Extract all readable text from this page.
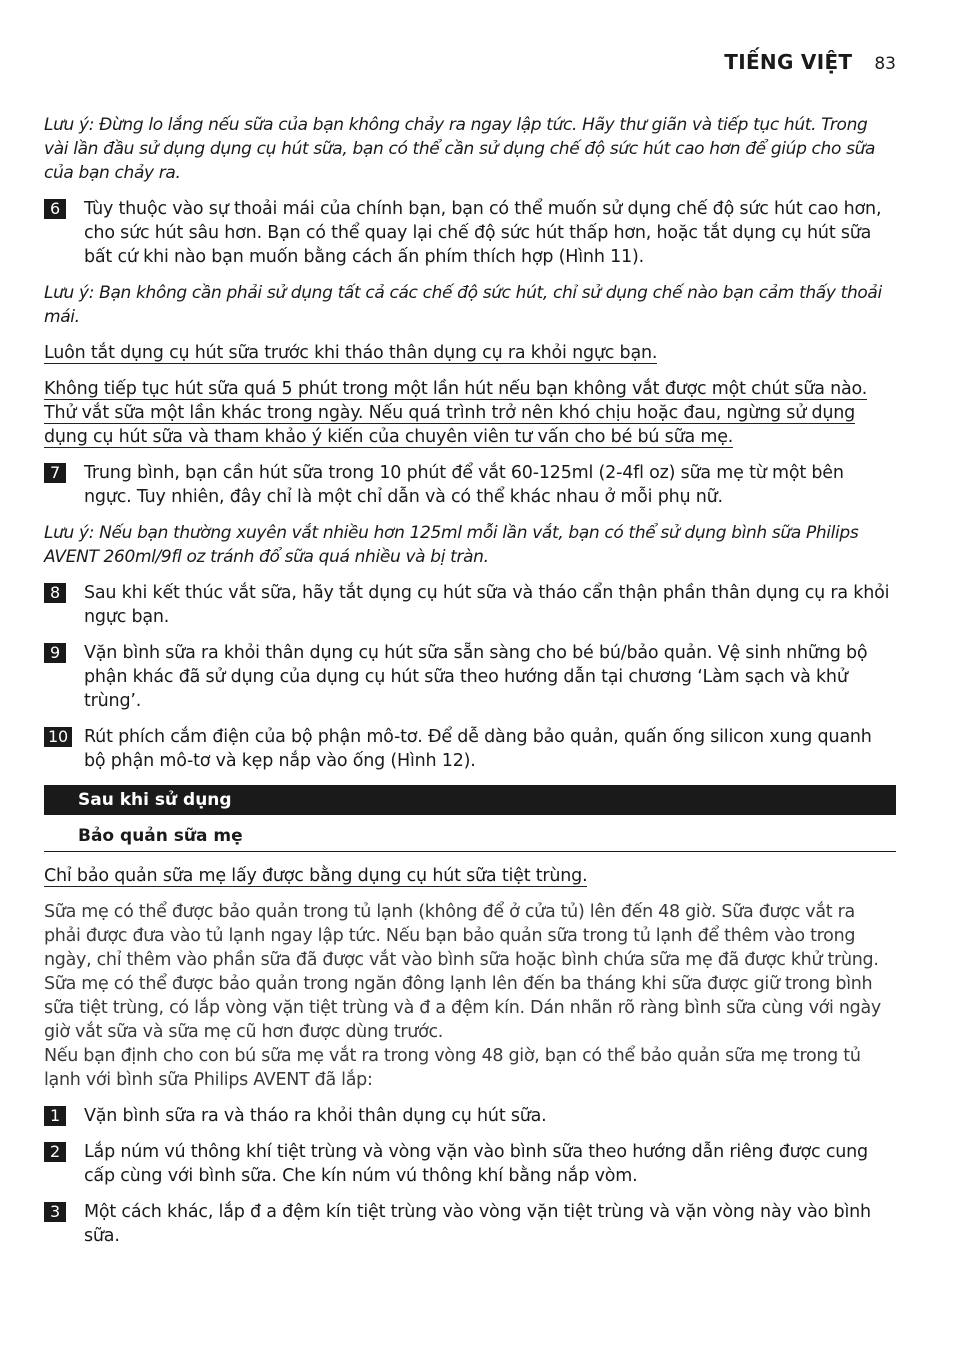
TIẾNG VIỆT 83

Lưu ý: Đừng lo lắng nếu sữa của bạn không chảy ra ngay lập tức. Hãy thư giãn và tiếp tục hút. Trong vài lần đầu sử dụng dụng cụ hút sữa, bạn có thể cần sử dụng chế độ sức hút cao hơn để giúp cho sữa của bạn chảy ra.

6	Tùy thuộc vào sự thoải mái của chính bạn, bạn có thể muốn sử dụng chế độ sức hút cao hơn, cho sức hút sâu hơn. Bạn có thể quay lại chế độ sức hút thấp hơn, hoặc tắt dụng cụ hút sữa bất cứ khi nào bạn muốn bằng cách ấn phím thích hợp (Hình 11).

Lưu ý: Bạn không cần phải sử dụng tất cả các chế độ sức hút, chỉ sử dụng chế nào bạn cảm thấy thoải mái.

Luôn tắt dụng cụ hút sữa trước khi tháo thân dụng cụ ra khỏi ngực bạn.

Không tiếp tục hút sữa quá 5 phút trong một lần hút nếu bạn không vắt được một chút sữa nào. Thử vắt sữa một lần khác trong ngày. Nếu quá trình trở nên khó chịu hoặc đau, ngừng sử dụng dụng cụ hút sữa và tham khảo ý kiến của chuyên viên tư vấn cho bé bú sữa mẹ.

7	Trung bình, bạn cần hút sữa trong 10 phút để vắt 60-125ml (2-4fl oz) sữa mẹ từ một bên ngực. Tuy nhiên, đây chỉ là một chỉ dẫn và có thể khác nhau ở mỗi phụ nữ.

Lưu ý: Nếu bạn thường xuyên vắt nhiều hơn 125ml mỗi lần vắt, bạn có thể sử dụng bình sữa Philips AVENT 260ml/9fl oz tránh đổ sữa quá nhiều và bị tràn.

8	Sau khi kết thúc vắt sữa, hãy tắt dụng cụ hút sữa và tháo cẩn thận phần thân dụng cụ ra khỏi ngực bạn.
9	Vặn bình sữa ra khỏi thân dụng cụ hút sữa sẵn sàng cho bé bú/bảo quản. Vệ sinh những bộ phận khác đã sử dụng của dụng cụ hút sữa theo hướng dẫn tại chương ‘Làm sạch và khử trùng’.
10 Rút phích cắm điện của bộ phận mô-tơ. Để dễ dàng bảo quản, quấn ống silicon xung quanh bộ phận mô-tơ và kẹp nắp vào ống (Hình 12).
Sau khi sử dụng
Bảo quản sữa mẹ

Chỉ bảo quản sữa mẹ lấy được bằng dụng cụ hút sữa tiệt trùng.

Sữa mẹ có thể được bảo quản trong tủ lạnh (không để ở cửa tủ) lên đến 48 giờ. Sữa được vắt ra phải được đưa vào tủ lạnh ngay lập tức. Nếu bạn bảo quản sữa trong tủ lạnh để thêm vào trong ngày, chỉ thêm vào phần sữa đã được vắt vào bình sữa hoặc bình chứa sữa mẹ đã được khử trùng. Sữa mẹ có thể được bảo quản trong ngăn đông lạnh lên đến ba tháng khi sữa được giữ trong bình sữa tiệt trùng, có lắp vòng vặn tiệt trùng và đ a đệm kín. Dán nhãn rõ ràng bình sữa cùng với ngày giờ vắt sữa và sữa mẹ cũ hơn được dùng trước.

Nếu bạn định cho con bú sữa mẹ vắt ra trong vòng 48 giờ, bạn có thể bảo quản sữa mẹ trong tủ lạnh với bình sữa Philips AVENT đã lắp:

1	Vặn bình sữa ra và tháo ra khỏi thân dụng cụ hút sữa.
2	Lắp núm vú thông khí tiệt trùng và vòng vặn vào bình sữa theo hướng dẫn riêng được cung cấp cùng với bình sữa. Che kín núm vú thông khí bằng nắp vòm.
3	Một cách khác, lắp đ a đệm kín tiệt trùng vào vòng vặn tiệt trùng và vặn vòng này vào bình sữa.
